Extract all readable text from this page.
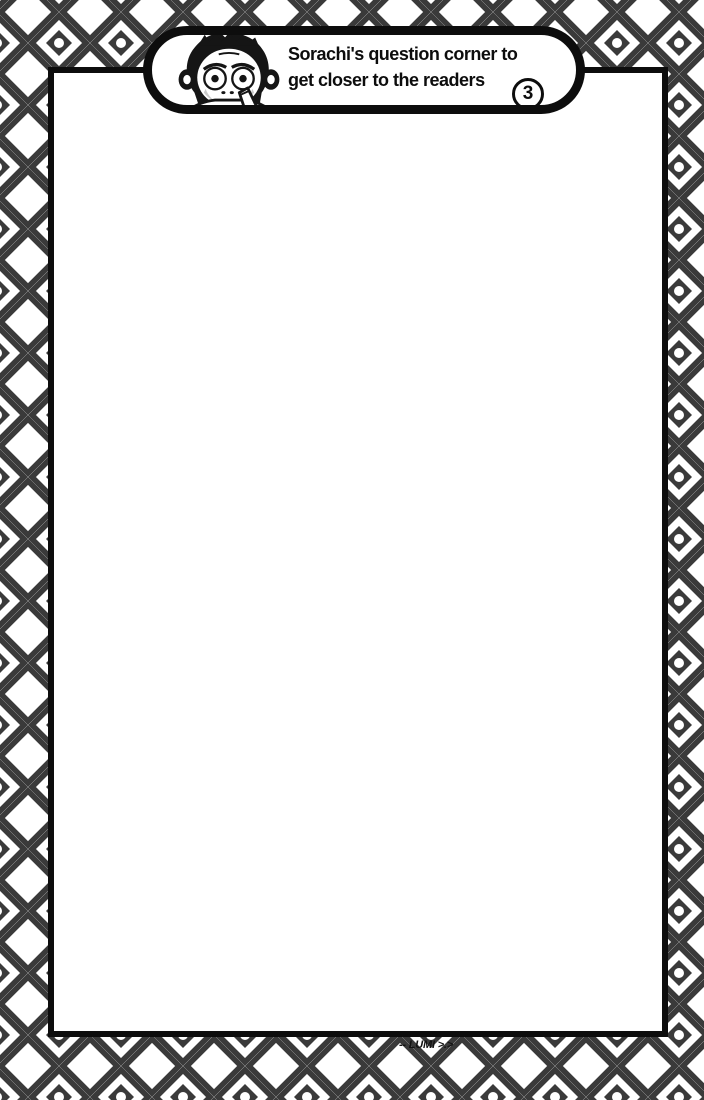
Sorachi's question corner to
get closer to the readers
3
-- LUMI >.>
